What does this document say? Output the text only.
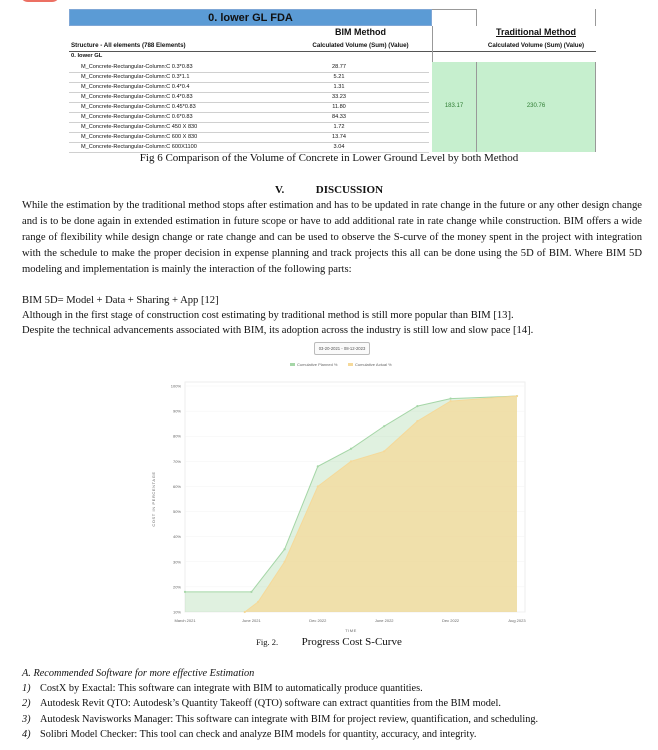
0. lower GL FDA
BIM Method	Traditional Method
Structure - All elements (788 Elements)	Calculated Volume (Sum) (Value)	Calculated Volume (Sum) (Value)
0. lower GL
M_Concrete-Rectangular-Column:C 0.3*0.83	28.77
M_Concrete-Rectangular-Column:C 0.3*1.1	5.21
M_Concrete-Rectangular-Column:C 0.4*0.4	1.31
M_Concrete-Rectangular-Column:C 0.4*0.83	33.23
M_Concrete-Rectangular-Column:C 0.45*0.83	11.80
M_Concrete-Rectangular-Column:C 0.6*0.83	84.33
M_Concrete-Rectangular-Column:C 450 X 830	1.72
M_Concrete-Rectangular-Column:C 600 X 830	13.74
M_Concrete-Rectangular-Column:C 600X1100	3.04
183.17	230.76
Fig 6 Comparison of the Volume of Concrete in Lower Ground Level by both Method
V.	DISCUSSION
While the estimation by the traditional method stops after estimation and has to be updated in rate change in the future or any other design change and is to be done again in extended estimation in future scope or have to add additional rate in rate change while construction. BIM offers a wide range of flexibility while design change or rate change and can be used to observe the S-curve of the money spent in the project with integration with the schedule to make the proper decision in expense planning and track projects this all can be done using the 5D of BIM. Where BIM 5D modeling and implementation is mainly the interaction of the following parts:
BIM 5D= Model + Data + Sharing + App [12]
Although in the first stage of construction cost estimating by traditional method is still more popular than BIM [13].
Despite the technical advancements associated with BIM, its adoption across the industry is still low and slow pace [14].
03-20-2021 - 08-12-2023
10%
20%
30%
40%
50%
60%
70%
80%
90%
100%
March 2021	June 2021	Dec 2022	June 2022	Dec 2022	Aug 2023
TIME
COST IN PERCENTAGE
Cumulative Planned %	Cumulative Actual %
Fig. 2. Progress Cost S-Curve
A. Recommended Software for more effective Estimation
1) CostX by Exactal: This software can integrate with BIM to automatically produce quantities.
2) Autodesk Revit QTO: Autodesk’s Quantity Takeoff (QTO) software can extract quantities from the BIM model.
3) Autodesk Navisworks Manager: This software can integrate with BIM for project review, quantification, and scheduling.
4) Solibri Model Checker: This tool can check and analyze BIM models for quantity, accuracy, and integrity.
